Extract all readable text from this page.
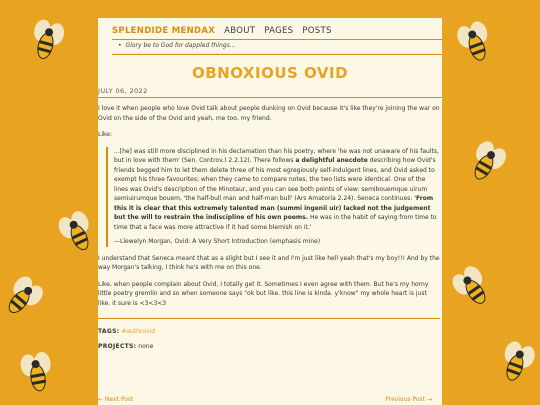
SPLENDIDE MENDAX ABOUT PAGES POSTS
• Glory be to God for dappled things...
OBNOXIOUS OVID
JULY 06, 2022

I love it when people who love Ovid talk about people dunking on Ovid because it's like they're joining the war on Ovid on the side of the Ovid and yeah, me too, my friend.

Like:

...[he] was still more disciplined in his declamation than his poetry, where 'he was not unaware of his faults, but in love with them' (Sen. Controv.) 2.2.12). There follows a delightful anecdote describing how Ovid's friends begged him to let them delete three of his most egregiously self-indulgent lines, and Ovid asked to exempt his three favourites; when they came to compare notes, the two lists were identical. One of the lines was Ovid's description of the Minotaur, and you can see both points of view: semibouemque uirum semiuirumque bouem, 'the half-bull man and half-man bull' (Ars Amatoria 2.24). Seneca continues: 'From this it is clear that this extremely talented man (summi ingenii uir) lacked not the judgement but the will to restrain the indiscipline of his own poems. He was in the habit of saying from time to time that a face was more attractive if it had some blemish on it.'

—Llewelyn Morgan, Ovid: A Very Short Introduction (emphasis mine)

I understand that Seneca meant that as a slight but I see it and I'm just like hell yeah that's my boy!!! And by the way Morgan's talking, I think he's with me on this one.

Like, when people complain about Ovid, I totally get it. Sometimes I even agree with them. But he's my horny little poetry gremlin and so when someone says "ok but like. this line is kinda. y'know" my whole heart is just like. it sure is <3<3<3

TAGS: #authrovid
PROJECTS: none
← Next Post	Previous Post →
